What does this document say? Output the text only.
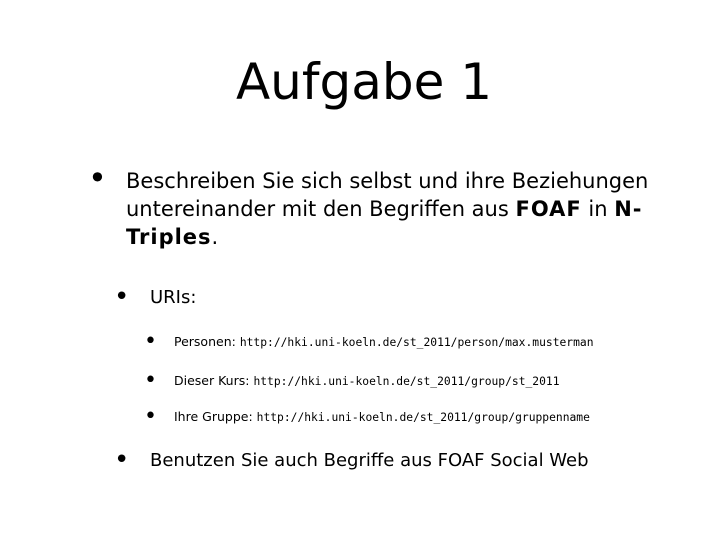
Aufgabe 1
• Beschreiben Sie sich selbst und ihre Beziehungen untereinander mit den Begriffen aus FOAF in N-Triples.
• URIs:
• Personen: http://hki.uni-koeln.de/st_2011/person/max.musterman
• Dieser Kurs: http://hki.uni-koeln.de/st_2011/group/st_2011
• Ihre Gruppe: http://hki.uni-koeln.de/st_2011/group/gruppenname
• Benutzen Sie auch Begriffe aus FOAF Social Web
